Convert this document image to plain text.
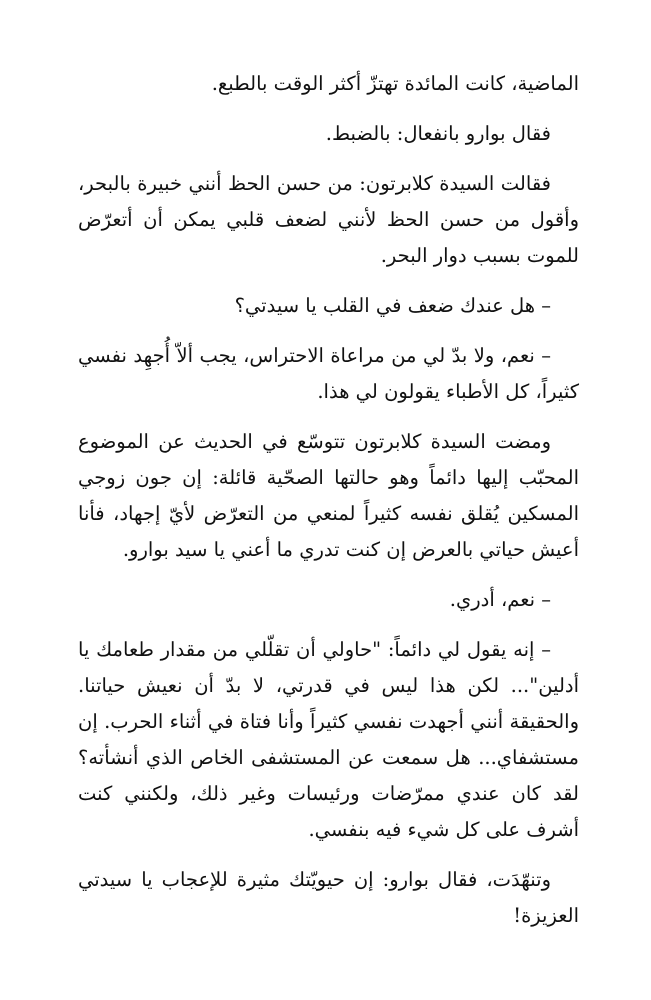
الماضية، كانت المائدة تهتزّ أكثر الوقت بالطبع.

فقال بوارو بانفعال: بالضبط.

فقالت السيدة كلابرتون: من حسن الحظ أنني خبيرة بالبحر، وأقول من حسن الحظ لأنني لضعف قلبي يمكن أن أتعرّض للموت بسبب دوار البحر.

– هل عندك ضعف في القلب يا سيدتي؟

– نعم، ولا بدّ لي من مراعاة الاحتراس، يجب ألاّ أُجهِد نفسي كثيراً، كل الأطباء يقولون لي هذا.

ومضت السيدة كلابرتون تتوسّع في الحديث عن الموضوع المحبّب إليها دائماً وهو حالتها الصحّية قائلة: إن جون زوجي المسكين يُقلق نفسه كثيراً لمنعي من التعرّض لأيّ إجهاد، فأنا أعيش حياتي بالعرض إن كنت تدري ما أعني يا سيد بوارو.

– نعم، أدري.

– إنه يقول لي دائماً: "حاولي أن تقلّلي من مقدار طعامك يا أدلين"... لكن هذا ليس في قدرتي، لا بدّ أن نعيش حياتنا. والحقيقة أنني أجهدت نفسي كثيراً وأنا فتاة في أثناء الحرب. إن مستشفاي... هل سمعت عن المستشفى الخاص الذي أنشأته؟ لقد كان عندي ممرّضات ورئيسات وغير ذلك، ولكنني كنت أشرف على كل شيء فيه بنفسي.

وتنهّدَت، فقال بوارو: إن حيويّتك مثيرة للإعجاب يا سيدتي العزيزة!
